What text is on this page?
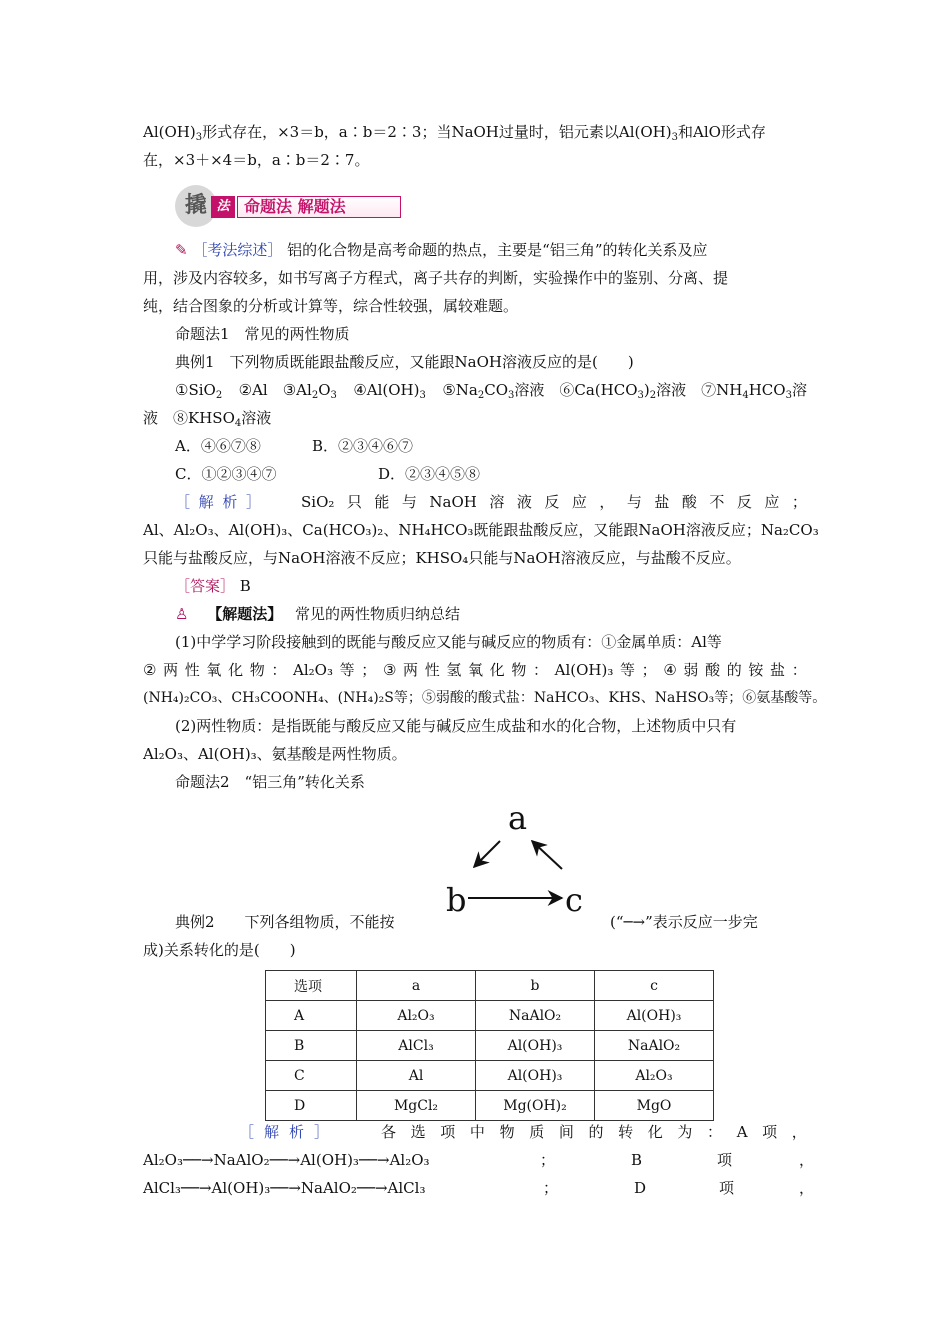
$Al(OH)_3$形式存在，×3＝b，a∶b＝2∶3；当NaOH过量时，铝元素以$Al(OH)_3$和AlO形式存
在，×3＋×4＝b，a∶b＝2∶7。
撬 法 命题法 解题法
✎ ［考法综述］ 铝的化合物是高考命题的热点，主要是“铝三角”的转化关系及应
用，涉及内容较多，如书写离子方程式，离子共存的判断，实验操作中的鉴别、分离、提
纯，结合图象的分析或计算等，综合性较强，属较难题。
命题法1　常见的两性物质
典例1　下列物质既能跟盐酸反应，又能跟NaOH溶液反应的是(　　)
①SiO$_2$ ②Al　$③Al_2O_3$ $④Al(OH)_3$ $⑤Na_2CO_3$溶液　$⑥Ca(HCO_3)_2$溶液　$⑦NH_4HCO_3$溶
液　$⑧KHSO_4$溶液
A．④⑥⑦⑧	B．②③④⑥⑦
C．①②③④⑦	D．②③④⑤⑧
［ 解 析 ］	SiO₂ 只 能 与 NaOH 溶 液 反 应 ， 与 盐 酸 不 反 应 ；
Al、Al₂O₃、Al(OH)₃、Ca(HCO₃)₂、NH₄HCO₃既能跟盐酸反应，又能跟NaOH溶液反应；Na₂CO₃
只能与盐酸反应，与NaOH溶液不反应；KHSO₄只能与NaOH溶液反应，与盐酸不反应。
［答案］ B
♙ 【解题法】 常见的两性物质归纳总结
(1)中学学习阶段接触到的既能与酸反应又能与碱反应的物质有：①金属单质：Al等
② 两 性 氧 化 物 ： Al₂O₃ 等 ； ③ 两 性 氢 氧 化 物 ： Al(OH)₃ 等 ； ④ 弱 酸 的 铵 盐 ：
(NH₄)₂CO₃、CH₃COONH₄、(NH₄)₂S等；⑤弱酸的酸式盐：NaHCO₃、KHS、NaHSO₃等；⑥氨基酸等。
(2)两性物质：是指既能与酸反应又能与碱反应生成盐和水的化合物，上述物质中只有
Al₂O₃、Al(OH)₃、氨基酸是两性物质。
命题法2　“铝三角”转化关系
a
b	c
典例2　　下列各组物质，不能按	(“─→”表示反应一步完
成)关系转化的是(　　)
选项	a	b	c
A	Al₂O₃	NaAlO₂	Al(OH)₃
B	AlCl₃	Al(OH)₃	NaAlO₂
C	Al	Al(OH)₃	Al₂O₃
D	MgCl₂	Mg(OH)₂	MgO
［ 解 析 ］	各 选 项 中 物 质 间 的 转 化 为 ： A 项 ，
Al₂O₃──→NaAlO₂──→Al(OH)₃──→Al₂O₃	；	B	项	，
AlCl₃──→Al(OH)₃──→NaAlO₂──→AlCl₃	；	D	项	，
